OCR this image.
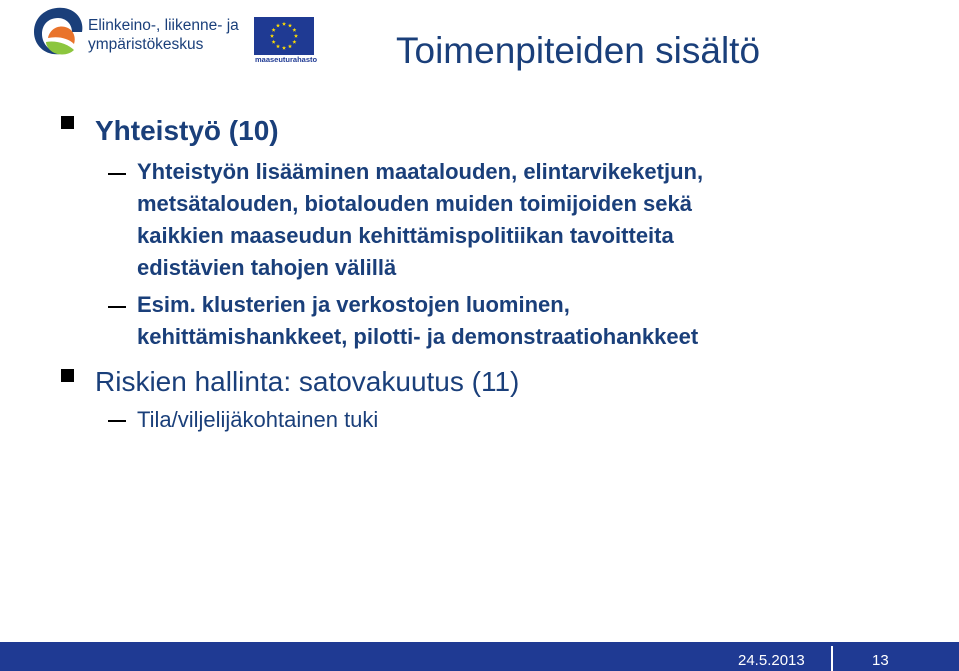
Elinkeino-, liikenne- ja
ympäristökeskus
maaseuturahasto Toimenpiteiden sisältö
Yhteistyö (10)
Yhteistyön lisääminen maatalouden, elintarvikeketjun,
metsätalouden, biotalouden muiden toimijoiden sekä
kaikkien maaseudun kehittämispolitiikan tavoitteita
edistävien tahojen välillä
Esim. klusterien ja verkostojen luominen,
kehittämishankkeet, pilotti- ja demonstraatiohankkeet
Riskien hallinta: satovakuutus (11)
Tila/viljelijäkohtainen tuki
24.5.2013	13
